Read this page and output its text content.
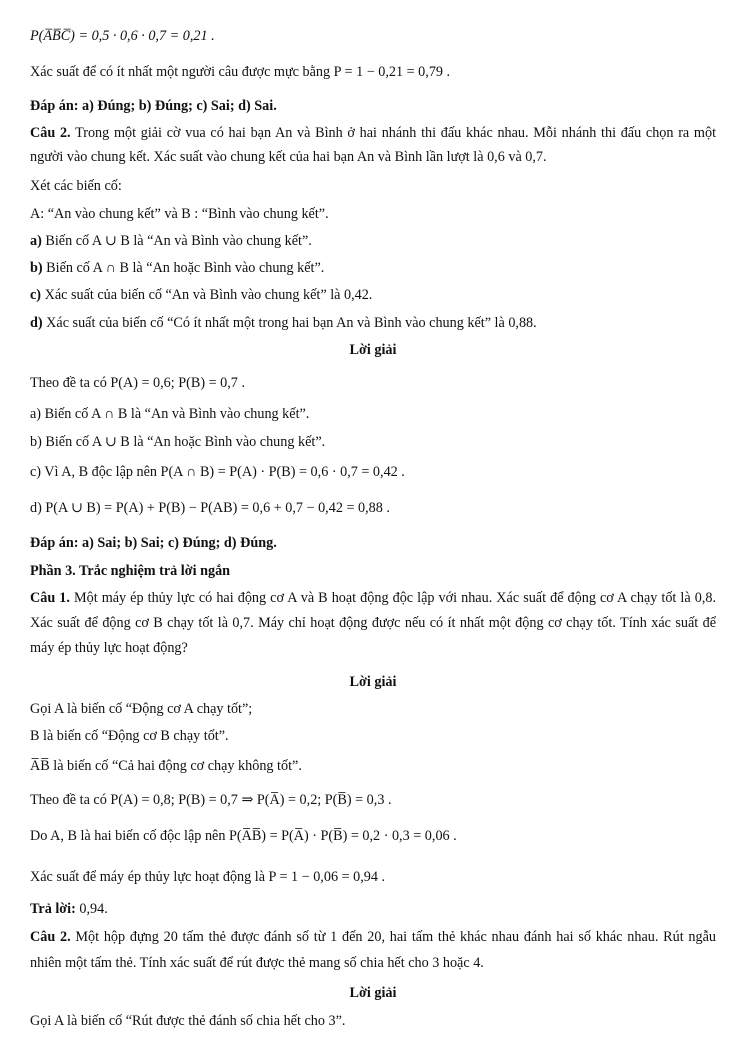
P(A̅B̅C̅) = 0,5 · 0,6 · 0,7 = 0,21 .
Xác suất để có ít nhất một người câu được mực bằng P = 1 − 0,21 = 0,79 .
Đáp án: a) Đúng; b) Đúng; c) Sai; d) Sai.
Câu 2. Trong một giải cờ vua có hai bạn An và Bình ở hai nhánh thi đấu khác nhau. Mỗi nhánh thi đấu chọn ra một người vào chung kết. Xác suất vào chung kết của hai bạn An và Bình lần lượt là 0,6 và 0,7.
Xét các biến cố:
A: “An vào chung kết” và B : “Bình vào chung kết”.
a) Biến cố A ∪ B là “An và Bình vào chung kết”.
b) Biến cố A ∩ B là “An hoặc Bình vào chung kết”.
c) Xác suất của biến cố “An và Bình vào chung kết” là 0,42.
d) Xác suất của biến cố “Có ít nhất một trong hai bạn An và Bình vào chung kết” là 0,88.
Lời giải
Theo đề ta có P(A) = 0,6; P(B) = 0,7 .
a) Biến cố A ∩ B là “An và Bình vào chung kết”.
b) Biến cố A ∪ B là “An hoặc Bình vào chung kết”.
c) Vì A, B độc lập nên P(A ∩ B) = P(A) · P(B) = 0,6 · 0,7 = 0,42 .
d) P(A ∪ B) = P(A) + P(B) − P(AB) = 0,6 + 0,7 − 0,42 = 0,88 .
Đáp án: a) Sai; b) Sai; c) Đúng; d) Đúng.
Phần 3. Trắc nghiệm trả lời ngắn
Câu 1. Một máy ép thủy lực có hai động cơ A và B hoạt động độc lập với nhau. Xác suất để động cơ A chạy tốt là 0,8. Xác suất để động cơ B chạy tốt là 0,7. Máy chỉ hoạt động được nếu có ít nhất một động cơ chạy tốt. Tính xác suất để máy ép thủy lực hoạt động?
Lời giải
Gọi A là biến cố “Động cơ A chạy tốt”;
B là biến cố “Động cơ B chạy tốt”.
A̅B̅ là biến cố “Cả hai động cơ chạy không tốt”.
Theo đề ta có P(A) = 0,8; P(B) = 0,7 ⇒ P(A̅) = 0,2; P(B̅) = 0,3 .
Do A, B là hai biến cố độc lập nên P(A̅B̅) = P(A̅) · P(B̅) = 0,2 · 0,3 = 0,06 .
Xác suất để máy ép thủy lực hoạt động là P = 1 − 0,06 = 0,94 .
Trả lời: 0,94.
Câu 2. Một hộp đựng 20 tấm thẻ được đánh số từ 1 đến 20, hai tấm thẻ khác nhau đánh hai số khác nhau. Rút ngẫu nhiên một tấm thẻ. Tính xác suất để rút được thẻ mang số chia hết cho 3 hoặc 4.
Lời giải
Gọi A là biến cố “Rút được thẻ đánh số chia hết cho 3”.
